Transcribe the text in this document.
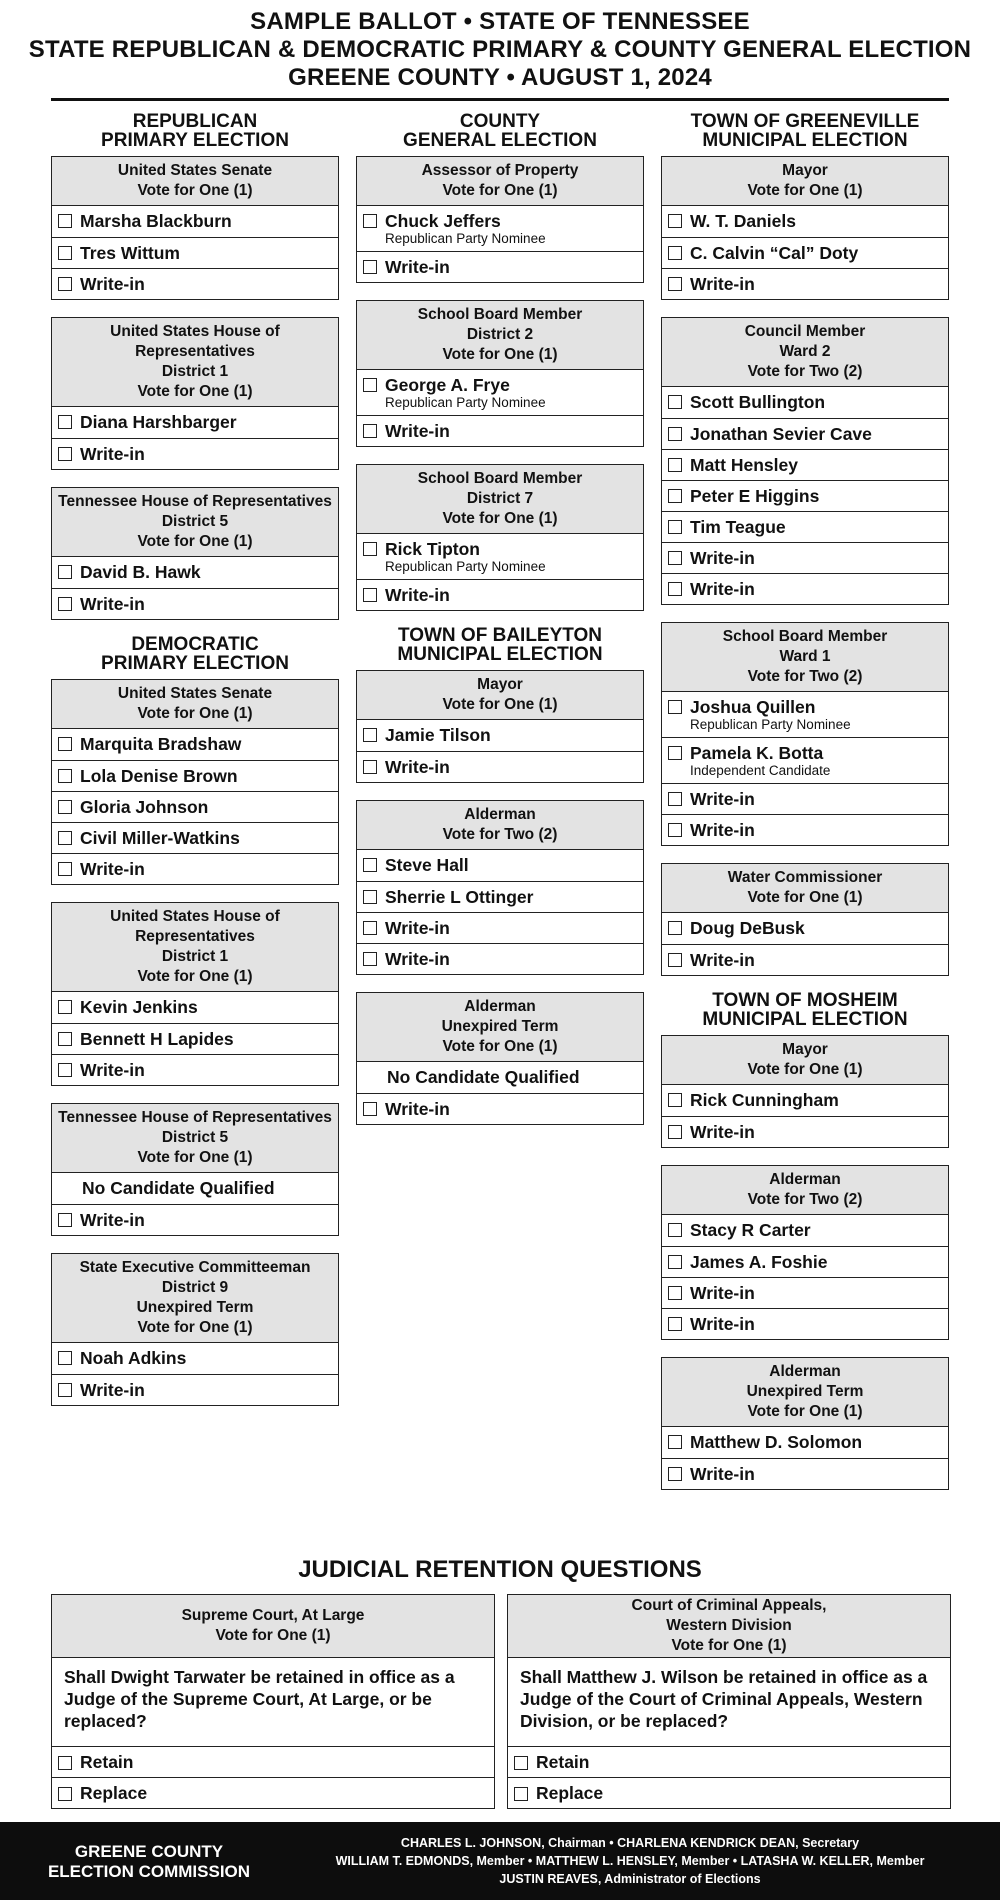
SAMPLE BALLOT • STATE OF TENNESSEE
STATE REPUBLICAN & DEMOCRATIC PRIMARY & COUNTY GENERAL ELECTION
GREENE COUNTY • AUGUST 1, 2024
REPUBLICAN
PRIMARY ELECTION
United States Senate
Vote for One (1)
Marsha Blackburn
Tres Wittum
Write-in
United States House of Representatives
District 1
Vote for One (1)
Diana Harshbarger
Write-in
Tennessee House of Representatives
District 5
Vote for One (1)
David B. Hawk
Write-in
DEMOCRATIC
PRIMARY ELECTION
United States Senate
Vote for One (1)
Marquita Bradshaw
Lola Denise Brown
Gloria Johnson
Civil Miller-Watkins
Write-in
United States House of Representatives
District 1
Vote for One (1)
Kevin Jenkins
Bennett H Lapides
Write-in
Tennessee House of Representatives
District 5
Vote for One (1)
No Candidate Qualified
Write-in
State Executive Committeeman
District 9
Unexpired Term
Vote for One (1)
Noah Adkins
Write-in
COUNTY
GENERAL ELECTION
Assessor of Property
Vote for One (1)
Chuck Jeffers
Republican Party Nominee
Write-in
School Board Member
District 2
Vote for One (1)
George A. Frye
Republican Party Nominee
Write-in
School Board Member
District 7
Vote for One (1)
Rick Tipton
Republican Party Nominee
Write-in
TOWN OF BAILEYTON
MUNICIPAL ELECTION
Mayor
Vote for One (1)
Jamie Tilson
Write-in
Alderman
Vote for Two (2)
Steve Hall
Sherrie L Ottinger
Write-in
Write-in
Alderman
Unexpired Term
Vote for One (1)
No Candidate Qualified
Write-in
TOWN OF GREENEVILLE
MUNICIPAL ELECTION
Mayor
Vote for One (1)
W. T. Daniels
C. Calvin “Cal” Doty
Write-in
Council Member
Ward 2
Vote for Two (2)
Scott Bullington
Jonathan Sevier Cave
Matt Hensley
Peter E Higgins
Tim Teague
Write-in
Write-in
School Board Member
Ward 1
Vote for Two (2)
Joshua Quillen
Republican Party Nominee
Pamela K. Botta
Independent Candidate
Write-in
Write-in
Water Commissioner
Vote for One (1)
Doug DeBusk
Write-in
TOWN OF MOSHEIM
MUNICIPAL ELECTION
Mayor
Vote for One (1)
Rick Cunningham
Write-in
Alderman
Vote for Two (2)
Stacy R Carter
James A. Foshie
Write-in
Write-in
Alderman
Unexpired Term
Vote for One (1)
Matthew D. Solomon
Write-in
JUDICIAL RETENTION QUESTIONS
Supreme Court, At Large
Vote for One (1)
Shall Dwight Tarwater be retained in office as a Judge of the Supreme Court, At Large, or be replaced?
Retain
Replace
Court of Criminal Appeals,
Western Division
Vote for One (1)
Shall Matthew J. Wilson be retained in office as a Judge of the Court of Criminal Appeals, Western Division, or be replaced?
Retain
Replace
GREENE COUNTY
ELECTION COMMISSION
CHARLES L. JOHNSON, Chairman • CHARLENA KENDRICK DEAN, Secretary
WILLIAM T. EDMONDS, Member • MATTHEW L. HENSLEY, Member • LATASHA W. KELLER, Member
JUSTIN REAVES, Administrator of Elections
